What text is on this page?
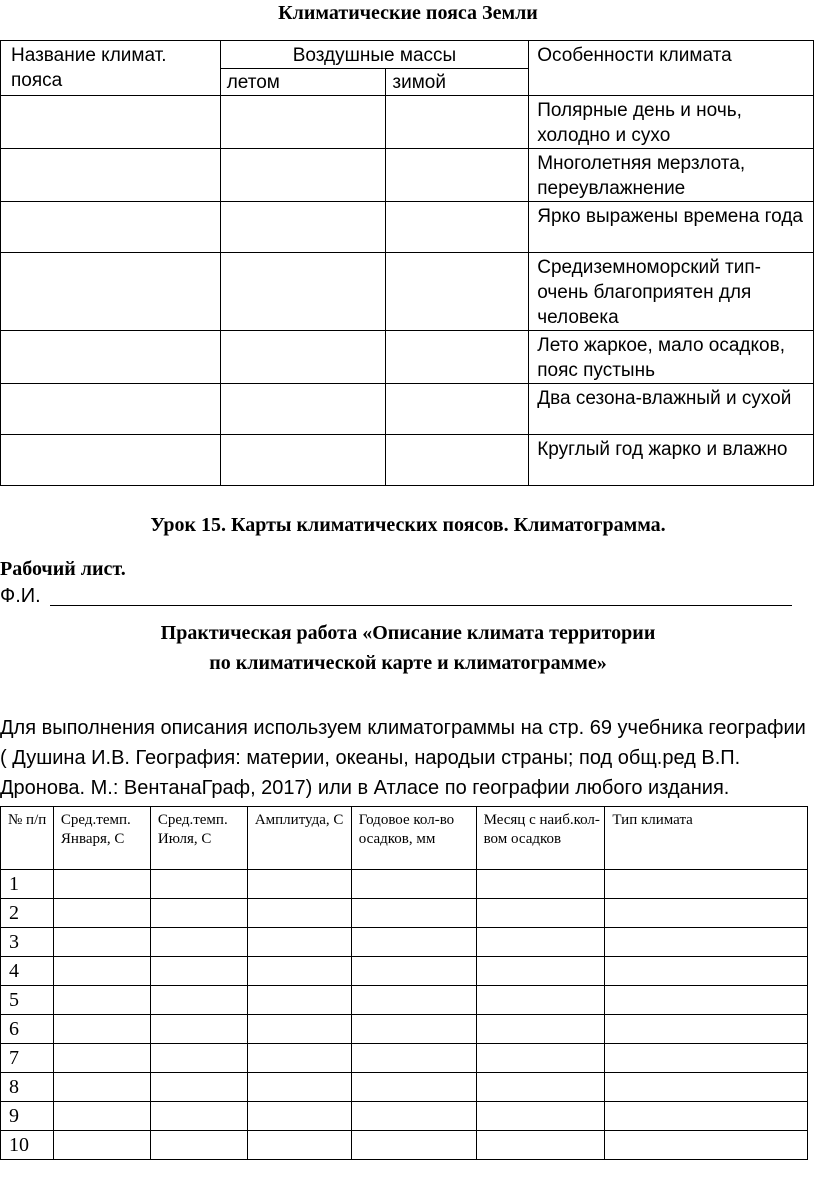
Климатические пояса Земли
Название климат. пояса	Воздушные массы		Особенности климата
	летом	зимой	
			Полярные день и ночь, холодно и сухо
			Многолетняя мерзлота, переувлажнение
			Ярко выражены времена года
			Средиземноморский тип- очень благоприятен для человека
			Лето жаркое, мало осадков, пояс пустынь
			Два сезона-влажный и сухой
			Круглый год жарко и влажно
Урок 15. Карты климатических поясов. Климатограмма.
Рабочий лист.
Ф.И.
Практическая работа «Описание климата территории
по климатической карте и климатограмме»
Для выполнения описания используем климатограммы на стр. 69 учебника географии ( Душина И.В. География: материи, океаны, народыи страны; под общ.ред В.П. Дронова. М.: ВентанаГраф, 2017) или в Атласе по географии любого издания.
№ п/п	Сред.темп. Января, С	Сред.темп. Июля, С	Амплитуда, С	Годовое кол-во осадков, мм	Месяц с наиб.кол-вом осадков	Тип климата
1						
2						
3						
4						
5						
6						
7						
8						
9						
10						
